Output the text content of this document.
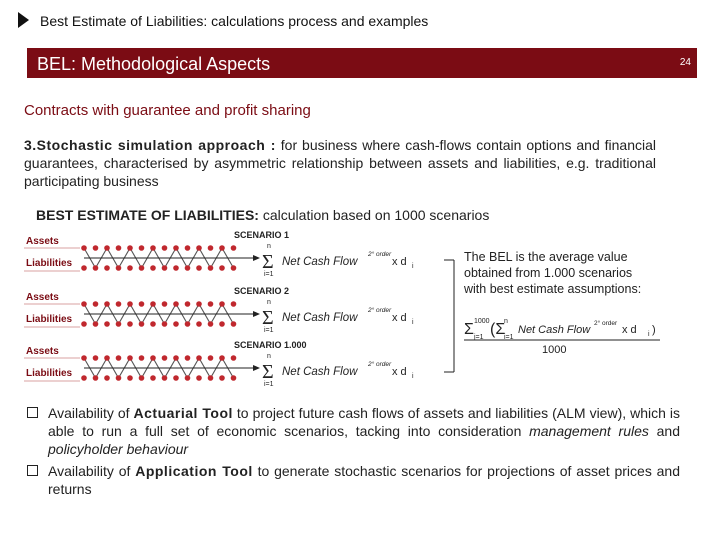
Best Estimate of Liabilities: calculations process and examples
BEL: Methodological Aspects	24
Contracts with guarantee and profit sharing
3.Stochastic simulation approach : for business where cash-flows contain options and financial guarantees, characterised by asymmetric relationship between assets and liabilities, e.g. traditional participating business
BEST ESTIMATE OF LIABILITIES: calculation based on 1000 scenarios
Assets
Liabilities
SCENARIO 1
Σ
n
i=1
Net Cash Flow
2° order
x d i
Assets
Liabilities
SCENARIO 2
Σ
n
i=1
Net Cash Flow
2° order
x d i
Assets
Liabilities
SCENARIO 1.000
Σ
n
i=1
Net Cash Flow
2° order
x d i
The BEL is the average value obtained from 1.000 scenarios with best estimate assumptions:
Σ 1000
j=1 (Σ
n
i=1
Net Cash Flow
2° order
x d i )
1000
Availability of Actuarial Tool to project future cash flows of assets and liabilities (ALM view), which is able to run a full set of economic scenarios, tacking into consideration management rules and policyholder behaviour
Availability of Application Tool to generate stochastic scenarios for projections of asset prices and returns
